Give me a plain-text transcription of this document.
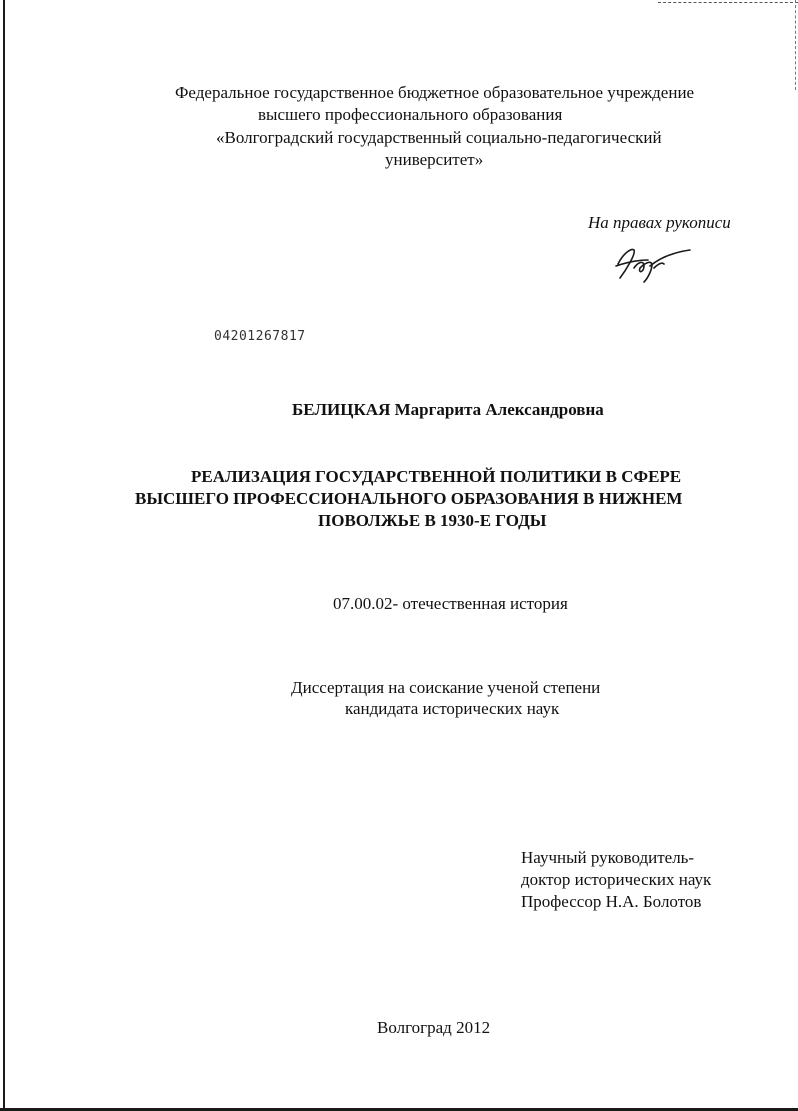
Федеральное государственное бюджетное образовательное учреждение
высшего профессионального образования
«Волгоградский государственный социально-педагогический
университет»
На правах рукописи
04201267817
БЕЛИЦКАЯ Маргарита Александровна
РЕАЛИЗАЦИЯ ГОСУДАРСТВЕННОЙ ПОЛИТИКИ В СФЕРЕ
ВЫСШЕГО ПРОФЕССИОНАЛЬНОГО ОБРАЗОВАНИЯ В НИЖНЕМ
ПОВОЛЖЬЕ В 1930-Е ГОДЫ
07.00.02- отечественная история
Диссертация на соискание ученой степени
кандидата исторических наук
Научный руководитель-
доктор исторических наук
Профессор Н.А. Болотов
Волгоград 2012
